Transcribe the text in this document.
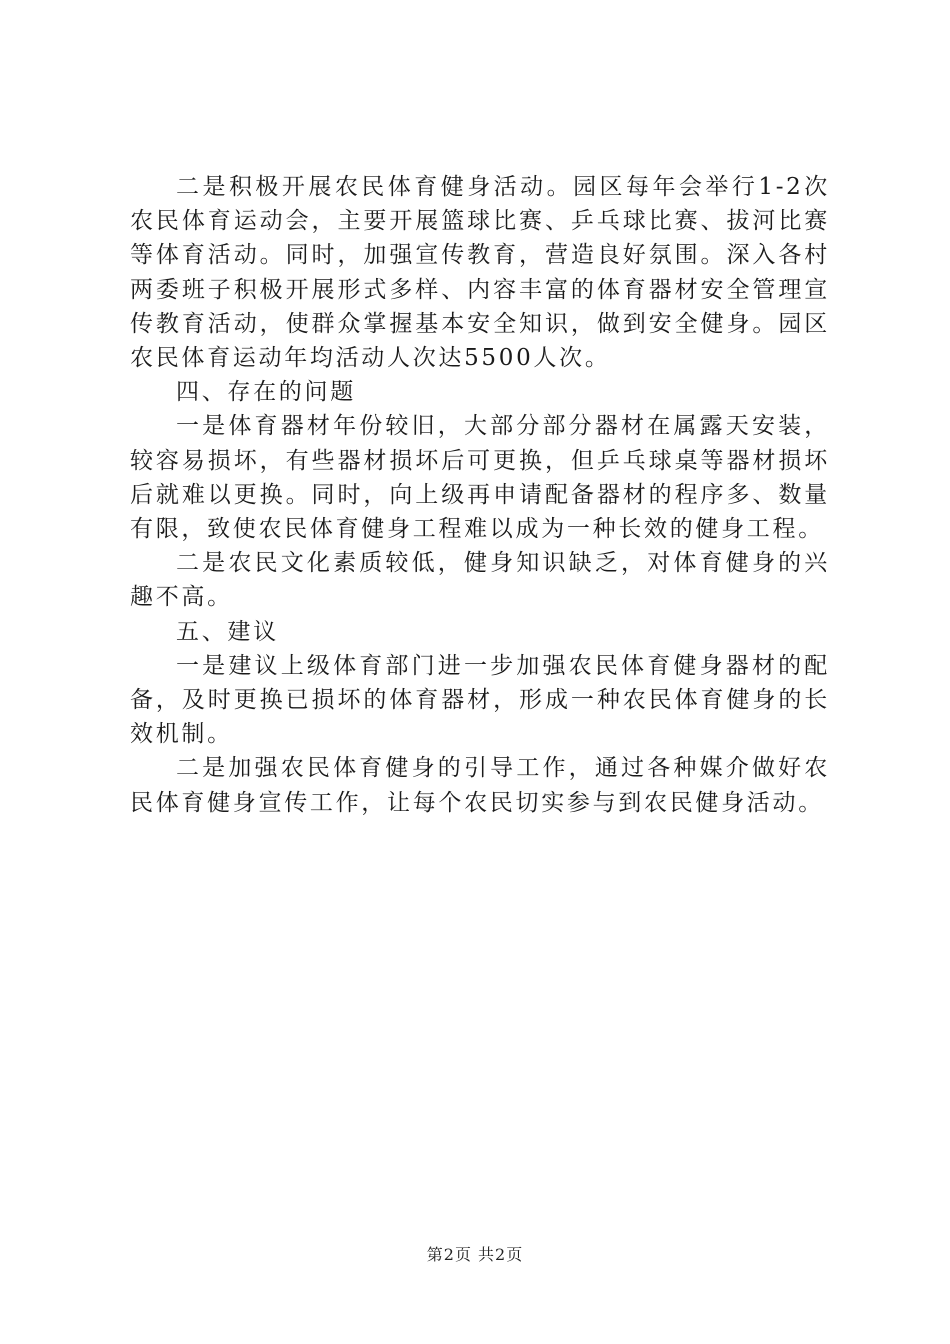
二是积极开展农民体育健身活动。园区每年会举行1-2次农民体育运动会，主要开展篮球比赛、乒乓球比赛、拔河比赛等体育活动。同时，加强宣传教育，营造良好氛围。深入各村两委班子积极开展形式多样、内容丰富的体育器材安全管理宣传教育活动，使群众掌握基本安全知识，做到安全健身。园区农民体育运动年均活动人次达5500人次。

四、存在的问题

一是体育器材年份较旧，大部分部分器材在属露天安装，较容易损坏，有些器材损坏后可更换，但乒乓球桌等器材损坏后就难以更换。同时，向上级再申请配备器材的程序多、数量有限，致使农民体育健身工程难以成为一种长效的健身工程。

二是农民文化素质较低，健身知识缺乏，对体育健身的兴趣不高。

五、建议

一是建议上级体育部门进一步加强农民体育健身器材的配备，及时更换已损坏的体育器材，形成一种农民体育健身的长效机制。

二是加强农民体育健身的引导工作，通过各种媒介做好农民体育健身宣传工作，让每个农民切实参与到农民健身活动。

第2页 共2页
